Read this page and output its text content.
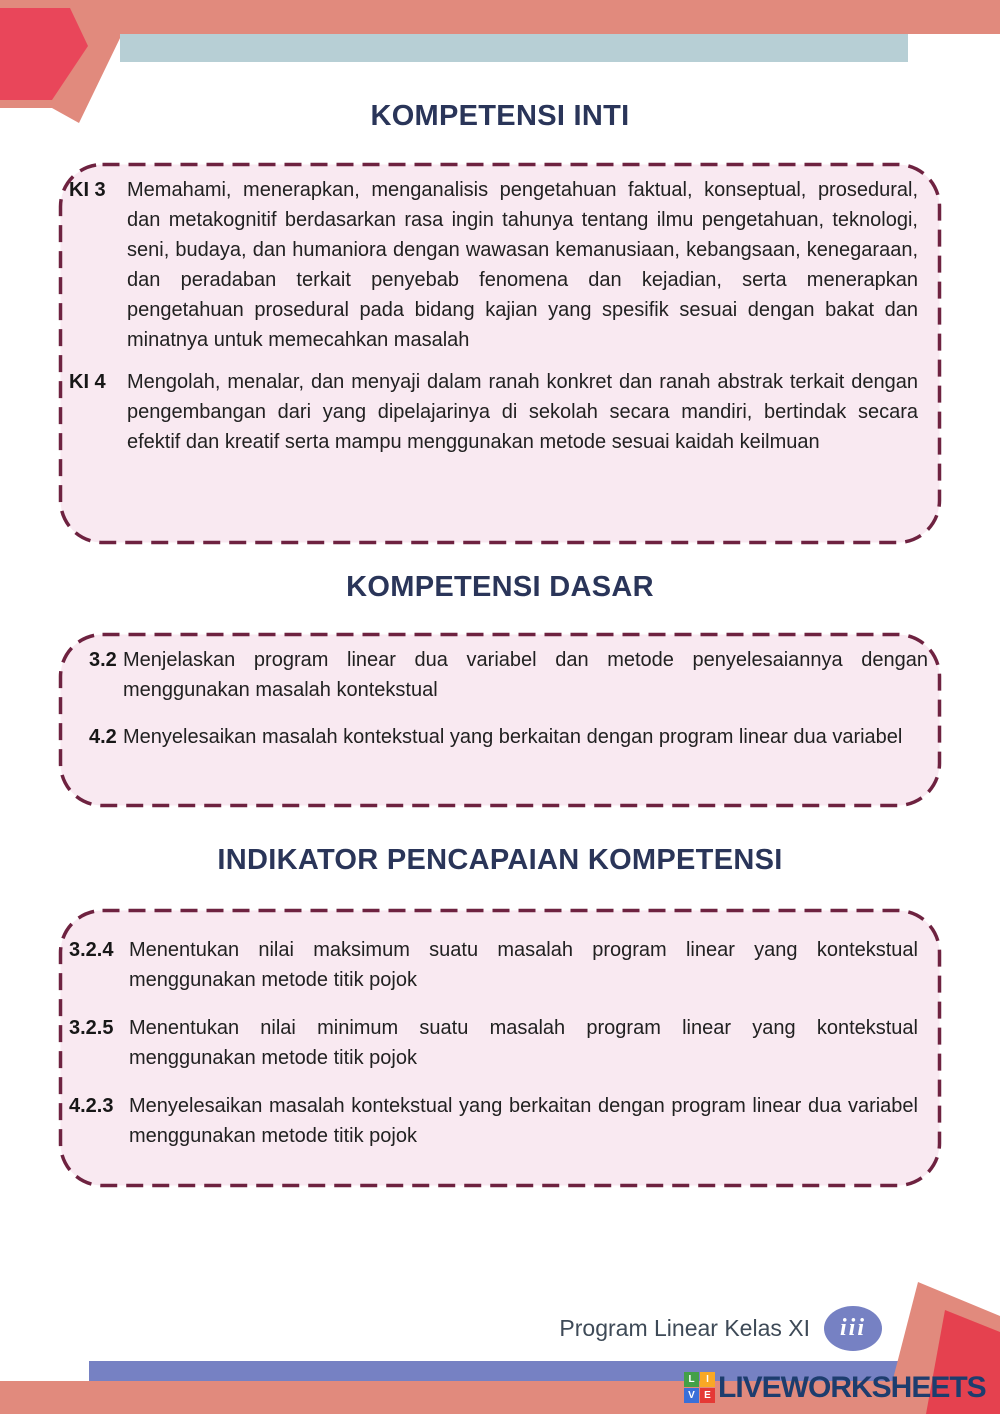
KOMPETENSI INTI
KI 3	Memahami, menerapkan, menganalisis pengetahuan faktual, konseptual, prosedural, dan metakognitif berdasarkan rasa ingin tahunya tentang ilmu pengetahuan, teknologi, seni, budaya, dan humaniora dengan wawasan kemanusiaan, kebangsaan, kenegaraan, dan peradaban terkait penyebab fenomena dan kejadian, serta menerapkan pengetahuan prosedural pada bidang kajian yang spesifik sesuai dengan bakat dan minatnya untuk memecahkan masalah
KI 4	Mengolah, menalar, dan menyaji dalam ranah konkret dan ranah abstrak terkait dengan pengembangan dari yang dipelajarinya di sekolah secara mandiri, bertindak secara efektif dan kreatif serta mampu menggunakan metode sesuai kaidah keilmuan
KOMPETENSI DASAR
3.2 Menjelaskan program linear dua variabel dan metode penyelesaiannya dengan menggunakan masalah kontekstual
4.2 Menyelesaikan masalah kontekstual yang berkaitan dengan program linear dua variabel
INDIKATOR PENCAPAIAN KOMPETENSI
3.2.4 Menentukan nilai maksimum suatu masalah program linear yang kontekstual menggunakan metode titik pojok
3.2.5 Menentukan nilai minimum suatu masalah program linear yang kontekstual menggunakan metode titik pojok
4.2.3 Menyelesaikan masalah kontekstual yang berkaitan dengan program linear dua variabel menggunakan metode titik pojok
Program Linear Kelas XI	iii
L	I
V E LIVEWORKSHEETS
